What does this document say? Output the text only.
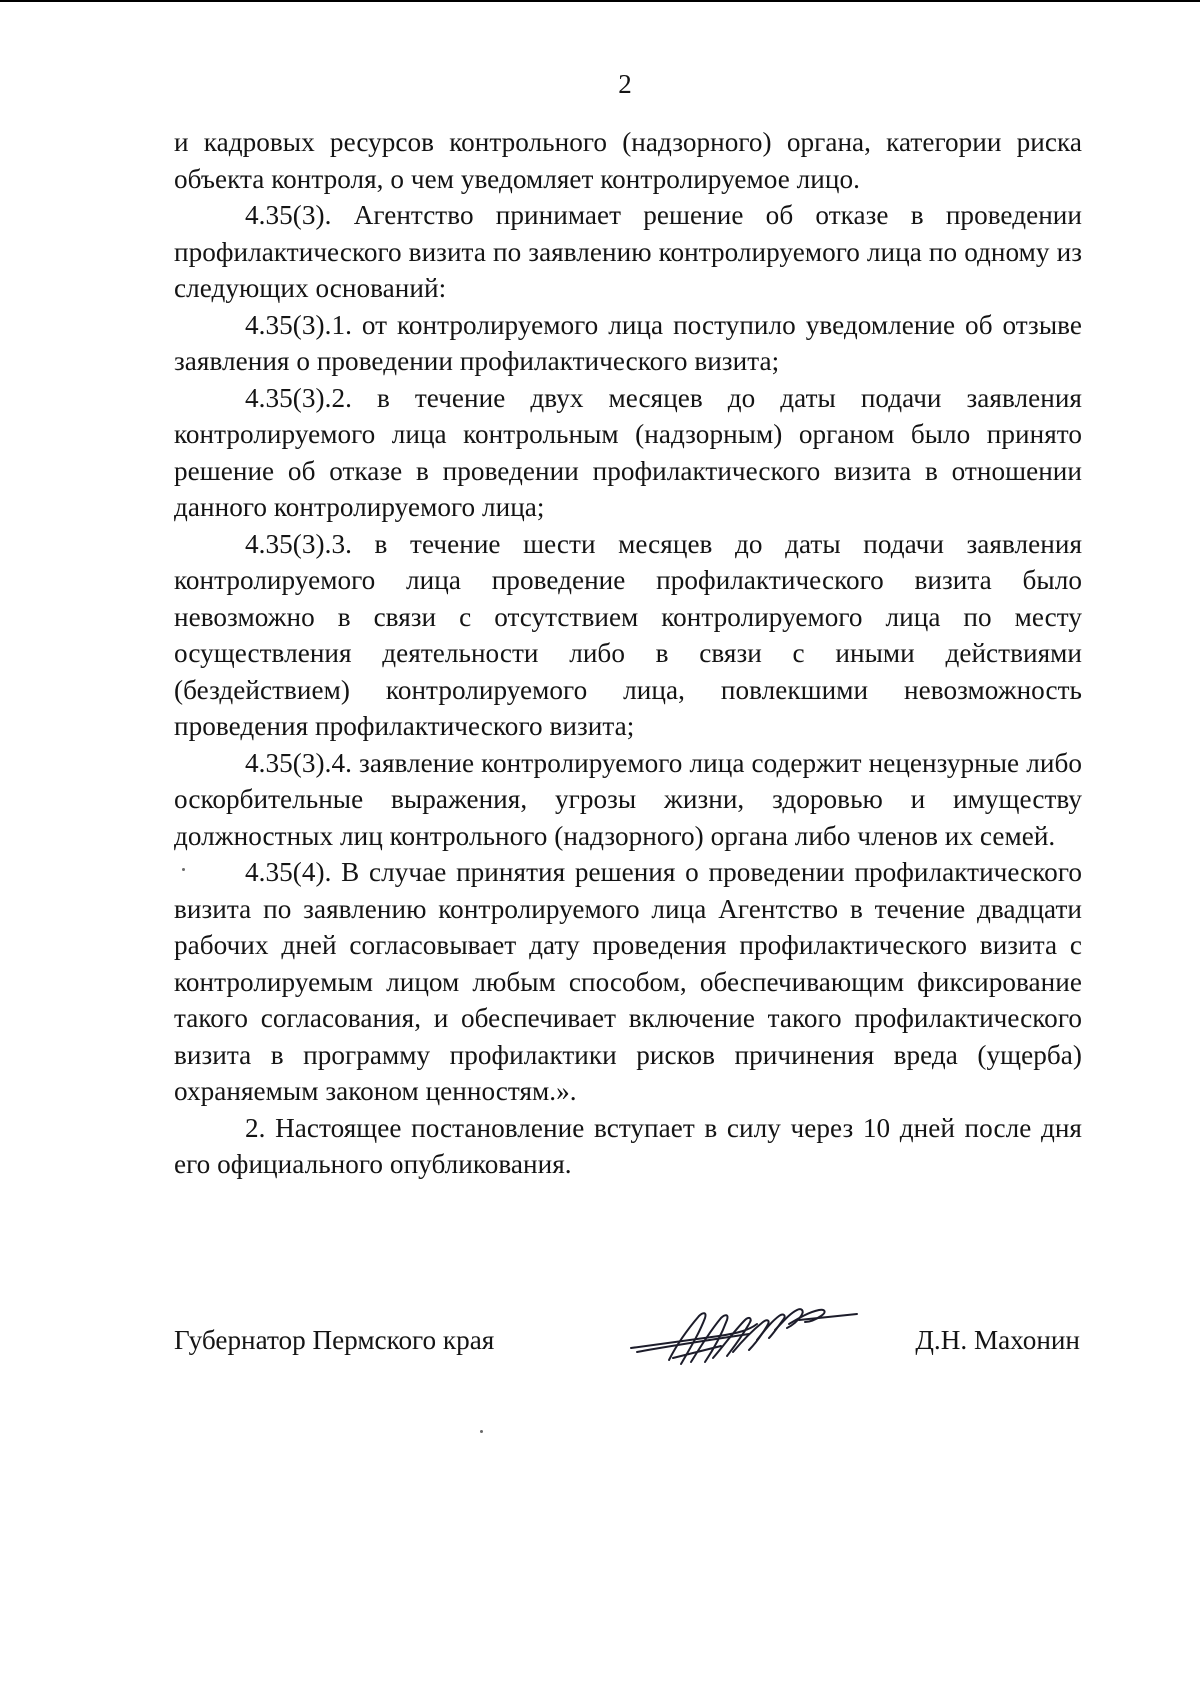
2

и кадровых ресурсов контрольного (надзорного) органа, категории риска объекта контроля, о чем уведомляет контролируемое лицо.

4.35(3). Агентство принимает решение об отказе в проведении профилактического визита по заявлению контролируемого лица по одному из следующих оснований:

4.35(3).1. от контролируемого лица поступило уведомление об отзыве заявления о проведении профилактического визита;

4.35(3).2. в течение двух месяцев до даты подачи заявления контролируемого лица контрольным (надзорным) органом было принято решение об отказе в проведении профилактического визита в отношении данного контролируемого лица;

4.35(3).3. в течение шести месяцев до даты подачи заявления контролируемого лица проведение профилактического визита было невозможно в связи с отсутствием контролируемого лица по месту осуществления деятельности либо в связи с иными действиями (бездействием) контролируемого лица, повлекшими невозможность проведения профилактического визита;

4.35(3).4. заявление контролируемого лица содержит нецензурные либо оскорбительные выражения, угрозы жизни, здоровью и имуществу должностных лиц контрольного (надзорного) органа либо членов их семей.

4.35(4). В случае принятия решения о проведении профилактического визита по заявлению контролируемого лица Агентство в течение двадцати рабочих дней согласовывает дату проведения профилактического визита с контролируемым лицом любым способом, обеспечивающим фиксирование такого согласования, и обеспечивает включение такого профилактического визита в программу профилактики рисков причинения вреда (ущерба) охраняемым законом ценностям.».

2. Настоящее постановление вступает в силу через 10 дней после дня его официального опубликования.

Губернатор Пермского края	Д.Н. Махонин
